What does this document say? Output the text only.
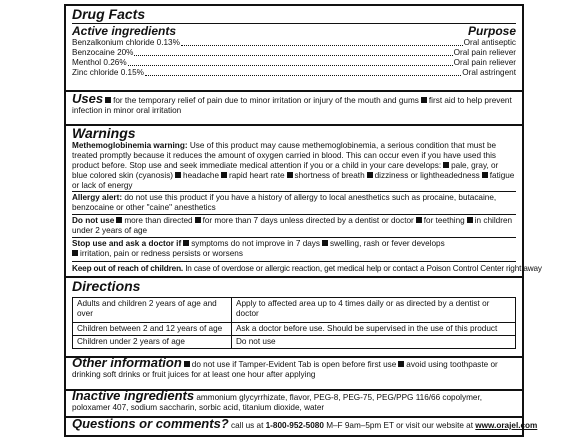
Drug Facts
Active ingredients	Purpose
Benzalkonium chloride 0.13%	Oral antiseptic
Benzocaine 20%	Oral pain reliever
Menthol 0.26%	Oral pain reliever
Zinc chloride 0.15%	Oral astringent
Uses for the temporary relief of pain due to minor irritation or injury of the mouth and gums first aid to help prevent infection in minor oral irritation
Warnings
Methemoglobinemia warning: Use of this product may cause methemoglobinemia, a serious condition that must be treated promptly because it reduces the amount of oxygen carried in blood. This can occur even if you have used this product before. Stop use and seek immediate medical attention if you or a child in your care develops: pale, gray, or blue colored skin (cyanosis) headache rapid heart rate shortness of breath dizziness or lightheadedness fatigue or lack of energy
Allergy alert: do not use this product if you have a history of allergy to local anesthetics such as procaine, butacaine, benzocaine or other "caine" anesthetics
Do not use more than directed for more than 7 days unless directed by a dentist or doctor for teething in children under 2 years of age
Stop use and ask a doctor if symptoms do not improve in 7 days swelling, rash or fever develops
irritation, pain or redness persists or worsens
Keep out of reach of children. In case of overdose or allergic reaction, get medical help or contact a Poison Control Center right away
Directions
Adults and children 2 years of age and over	Apply to affected area up to 4 times daily or as directed by a dentist or doctor
Children between 2 and 12 years of age	Ask a doctor before use. Should be supervised in the use of this product
Children under 2 years of age	Do not use
Other information do not use if Tamper-Evident Tab is open before first use avoid using toothpaste or drinking soft drinks or fruit juices for at least one hour after applying
Inactive ingredients ammonium glycyrrhizate, flavor, PEG-8, PEG-75, PEG/PPG 116/66 copolymer, poloxamer 407, sodium saccharin, sorbic acid, titanium dioxide, water
Questions or comments? call us at 1-800-952-5080 M–F 9am–5pm ET or visit our website at www.orajel.com
